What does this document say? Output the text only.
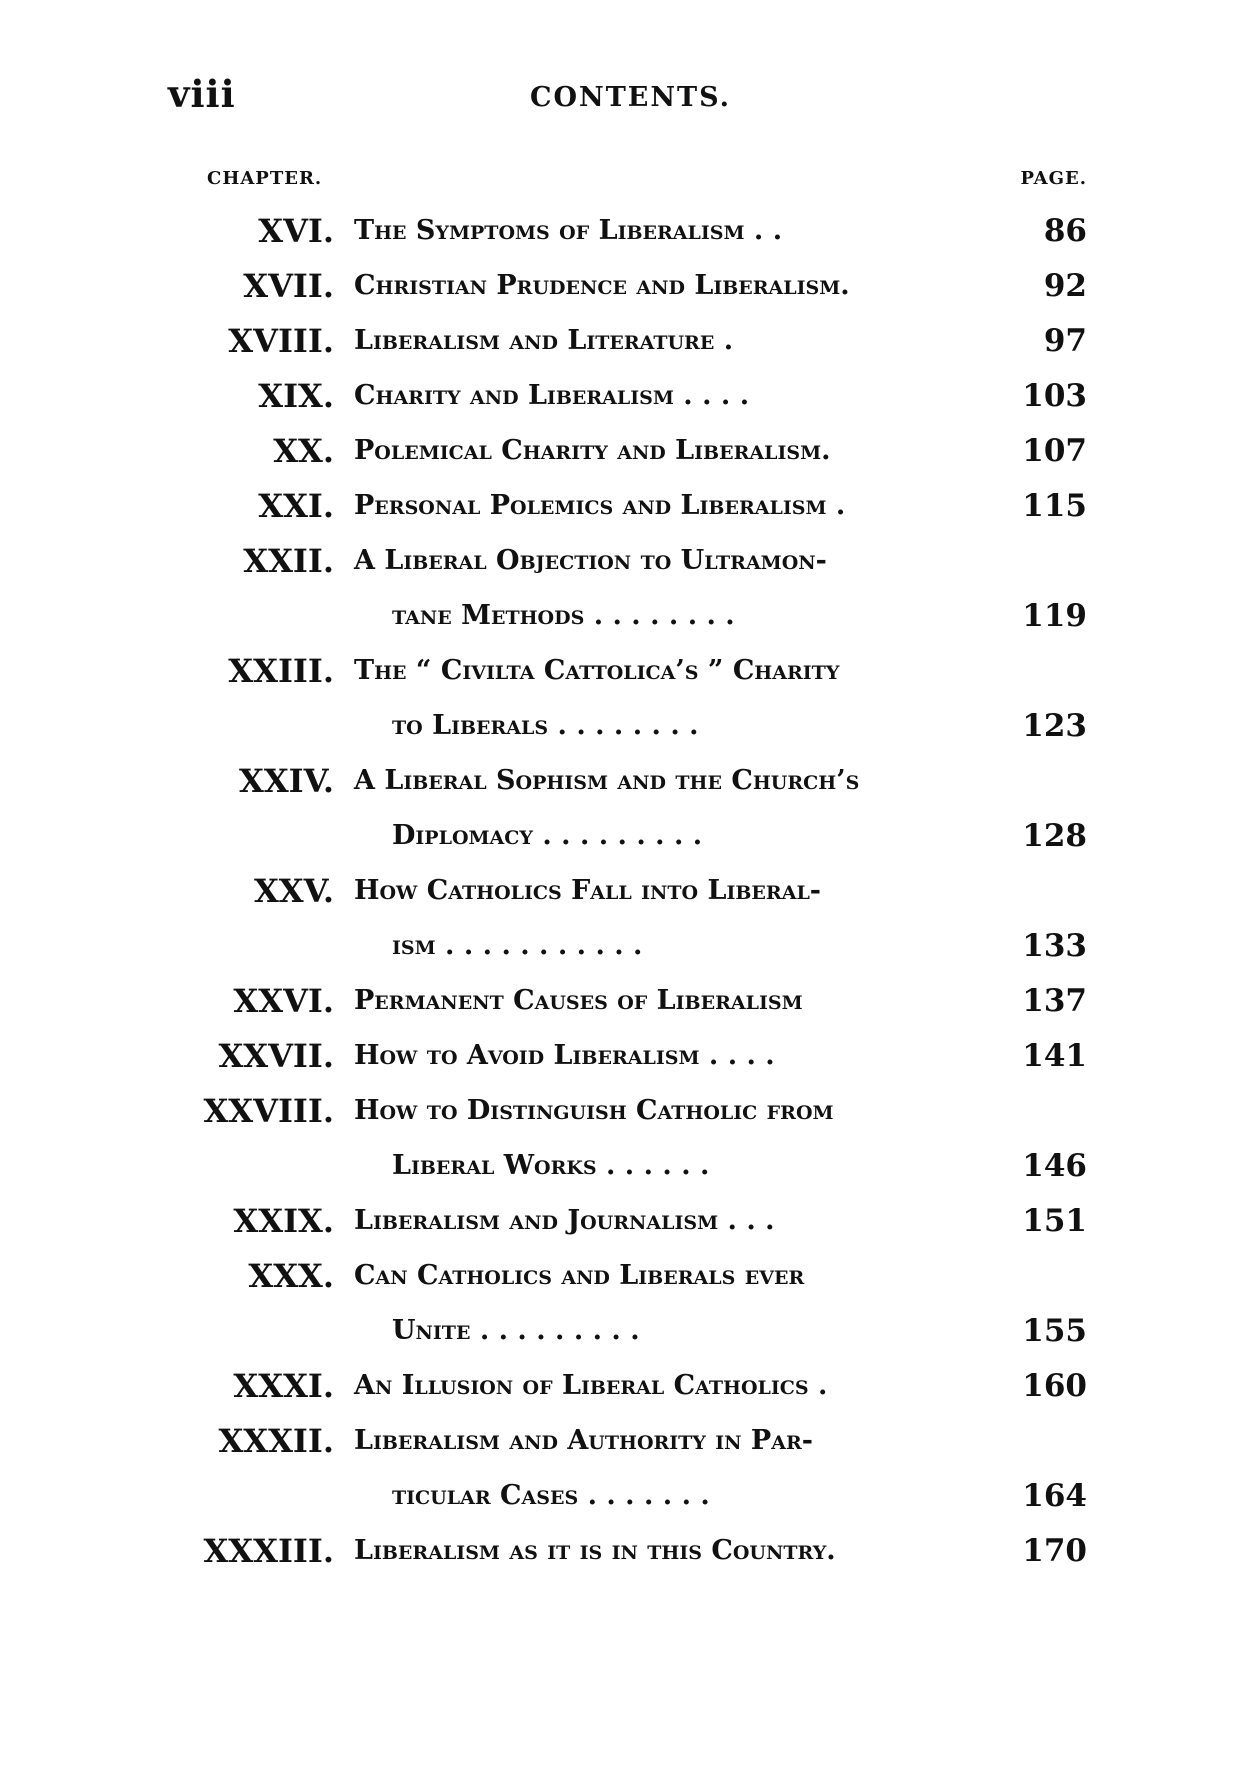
viii	CONTENTS.
CHAPTER.	PAGE.
XVI. The Symptoms of Liberalism . .	86
XVII. Christian Prudence and Liberalism.	92
XVIII. Liberalism and Literature .	97
XIX. Charity and Liberalism . . . .	103
XX. Polemical Charity and Liberalism.	107
XXI. Personal Polemics and Liberalism .	115
XXII. A Liberal Objection to Ultramon-
tane Methods . . . . . . . .	119
XXIII. The “ Civilta Cattolica’s ” Charity
to Liberals . . . . . . . .	123
XXIV. A Liberal Sophism and the Church’s
Diplomacy . . . . . . . . .	128
XXV. How Catholics Fall into Liberal-
ism . . . . . . . . . . .	133
XXVI. Permanent Causes of Liberalism	137
XXVII. How to Avoid Liberalism . . . .	141
XXVIII. How to Distinguish Catholic from
Liberal Works . . . . . .	146
XXIX. Liberalism and Journalism . . .	151
XXX. Can Catholics and Liberals ever
Unite . . . . . . . . .	155
XXXI. An Illusion of Liberal Catholics .	160
XXXII. Liberalism and Authority in Par-
ticular Cases . . . . . . .	164
XXXIII. Liberalism as it is in this Country.	170
